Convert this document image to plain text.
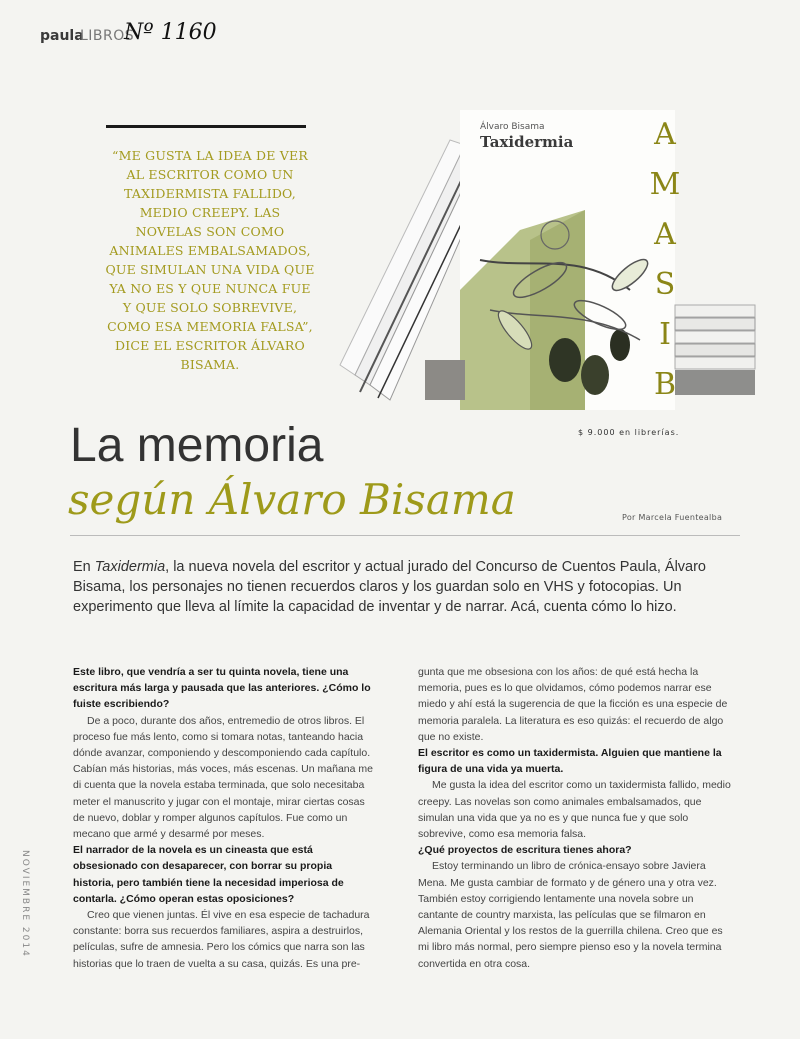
paula
LIBROS
Nº 1160
“ME GUSTA LA IDEA DE VER AL ESCRITOR COMO UN TAXIDERMISTA FALLIDO, MEDIO CREEPY. LAS NOVELAS SON COMO ANIMALES EMBALSAMADOS, QUE SIMULAN UNA VIDA QUE YA NO ES Y QUE NUNCA FUE Y QUE SOLO SOBREVIVE, COMO ESA MEMORIA FALSA”, DICE EL ESCRITOR ÁLVARO BISAMA.
Álvaro Bisama
Taxidermia	A
M
A
S
I
B
$ 9.000 en librerías.
La memoria
según Álvaro Bisama	Por Marcela Fuentealba
En Taxidermia, la nueva novela del escritor y actual jurado del Concurso de Cuentos Paula, Álvaro Bisama, los personajes no tienen recuerdos claros y los guardan solo en VHS y fotocopias. Un experimento que lleva al límite la capacidad de inventar y de narrar. Acá, cuenta cómo lo hizo.
NOVIEMBRE 2014

Este libro, que vendría a ser tu quinta novela, tiene una escritura más larga y pausada que las anteriores. ¿Cómo lo fuiste escribiendo?

De a poco, durante dos años, entremedio de otros libros. El proceso fue más lento, como si tomara notas, tanteando hacia dónde avanzar, componiendo y descomponiendo cada capítulo. Cabían más historias, más voces, más escenas. Un mañana me di cuenta que la novela estaba terminada, que solo necesitaba meter el manuscrito y jugar con el montaje, mirar ciertas cosas de nuevo, doblar y romper algunos capítulos. Fue como un mecano que armé y desarmé por meses.

El narrador de la novela es un cineasta que está obsesionado con desaparecer, con borrar su propia historia, pero también tiene la necesidad imperiosa de contarla. ¿Cómo operan estas oposiciones?

Creo que vienen juntas. Él vive en esa especie de tachadura constante: borra sus recuerdos familiares, aspira a destruirlos, películas, sufre de amnesia. Pero los cómics que narra son las historias que lo traen de vuelta a su casa, quizás. Es una pre-

gunta que me obsesiona con los años: de qué está hecha la memoria, pues es lo que olvidamos, cómo podemos narrar ese miedo y ahí está la sugerencia de que la ficción es una especie de memoria paralela. La literatura es eso quizás: el recuerdo de algo que no existe.

El escritor es como un taxidermista. Alguien que mantiene la figura de una vida ya muerta.

Me gusta la idea del escritor como un taxidermista fallido, medio creepy. Las novelas son como animales embalsamados, que simulan una vida que ya no es y que nunca fue y que solo sobrevive, como esa memoria falsa.

¿Qué proyectos de escritura tienes ahora?

Estoy terminando un libro de crónica-ensayo sobre Javiera Mena. Me gusta cambiar de formato y de género una y otra vez. También estoy corrigiendo lentamente una novela sobre un cantante de country marxista, las películas que se filmaron en Alemania Oriental y los restos de la guerrilla chilena. Creo que es mi libro más normal, pero siempre pienso eso y la novela termina convertida en otra cosa.
